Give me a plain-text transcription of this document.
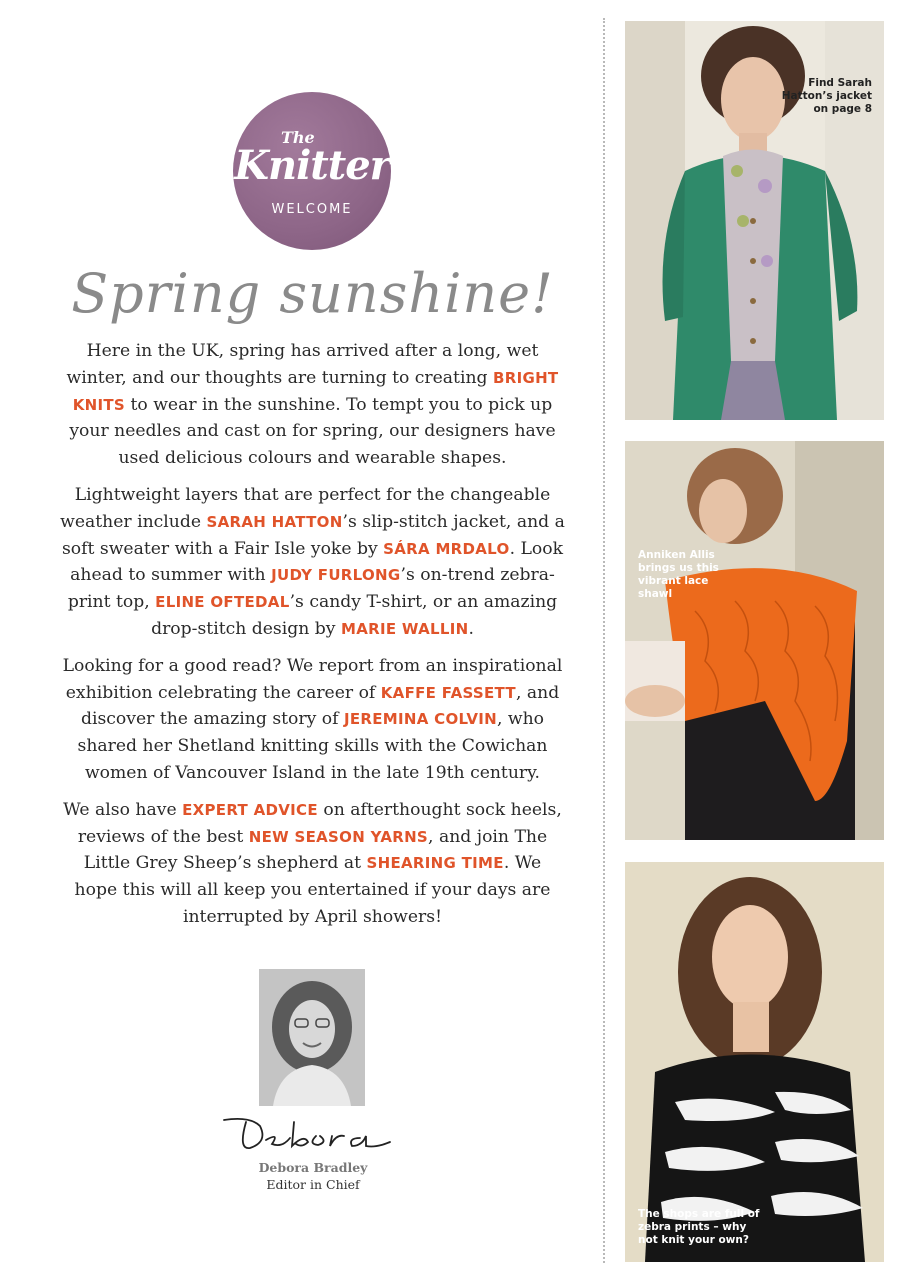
The
Knitter
WELCOME
Spring sunshine!

Here in the UK, spring has arrived after a long, wet winter, and our thoughts are turning to creating BRIGHT KNITS to wear in the sunshine. To tempt you to pick up your needles and cast on for spring, our designers have used delicious colours and wearable shapes.

Lightweight layers that are perfect for the changeable weather include SARAH HATTON’s slip-stitch jacket, and a soft sweater with a Fair Isle yoke by SÁRA MRDALO. Look ahead to summer with JUDY FURLONG’s on-trend zebra-print top, ELINE OFTEDAL’s candy T-shirt, or an amazing drop-stitch design by MARIE WALLIN.

Looking for a good read? We report from an inspirational exhibition celebrating the career of KAFFE FASSETT, and discover the amazing story of JEREMINA COLVIN, who shared her Shetland knitting skills with the Cowichan women of Vancouver Island in the late 19th century.

We also have EXPERT ADVICE on afterthought sock heels, reviews of the best NEW SEASON YARNS, and join The Little Grey Sheep’s shepherd at SHEARING TIME. We hope this will all keep you entertained if your days are interrupted by April showers!

Debora Bradley
Editor in Chief
Find Sarah Hatton’s jacket on page 8
Anniken Allis brings us this vibrant lace shawl
The shops are full of zebra prints – why not knit your own?
